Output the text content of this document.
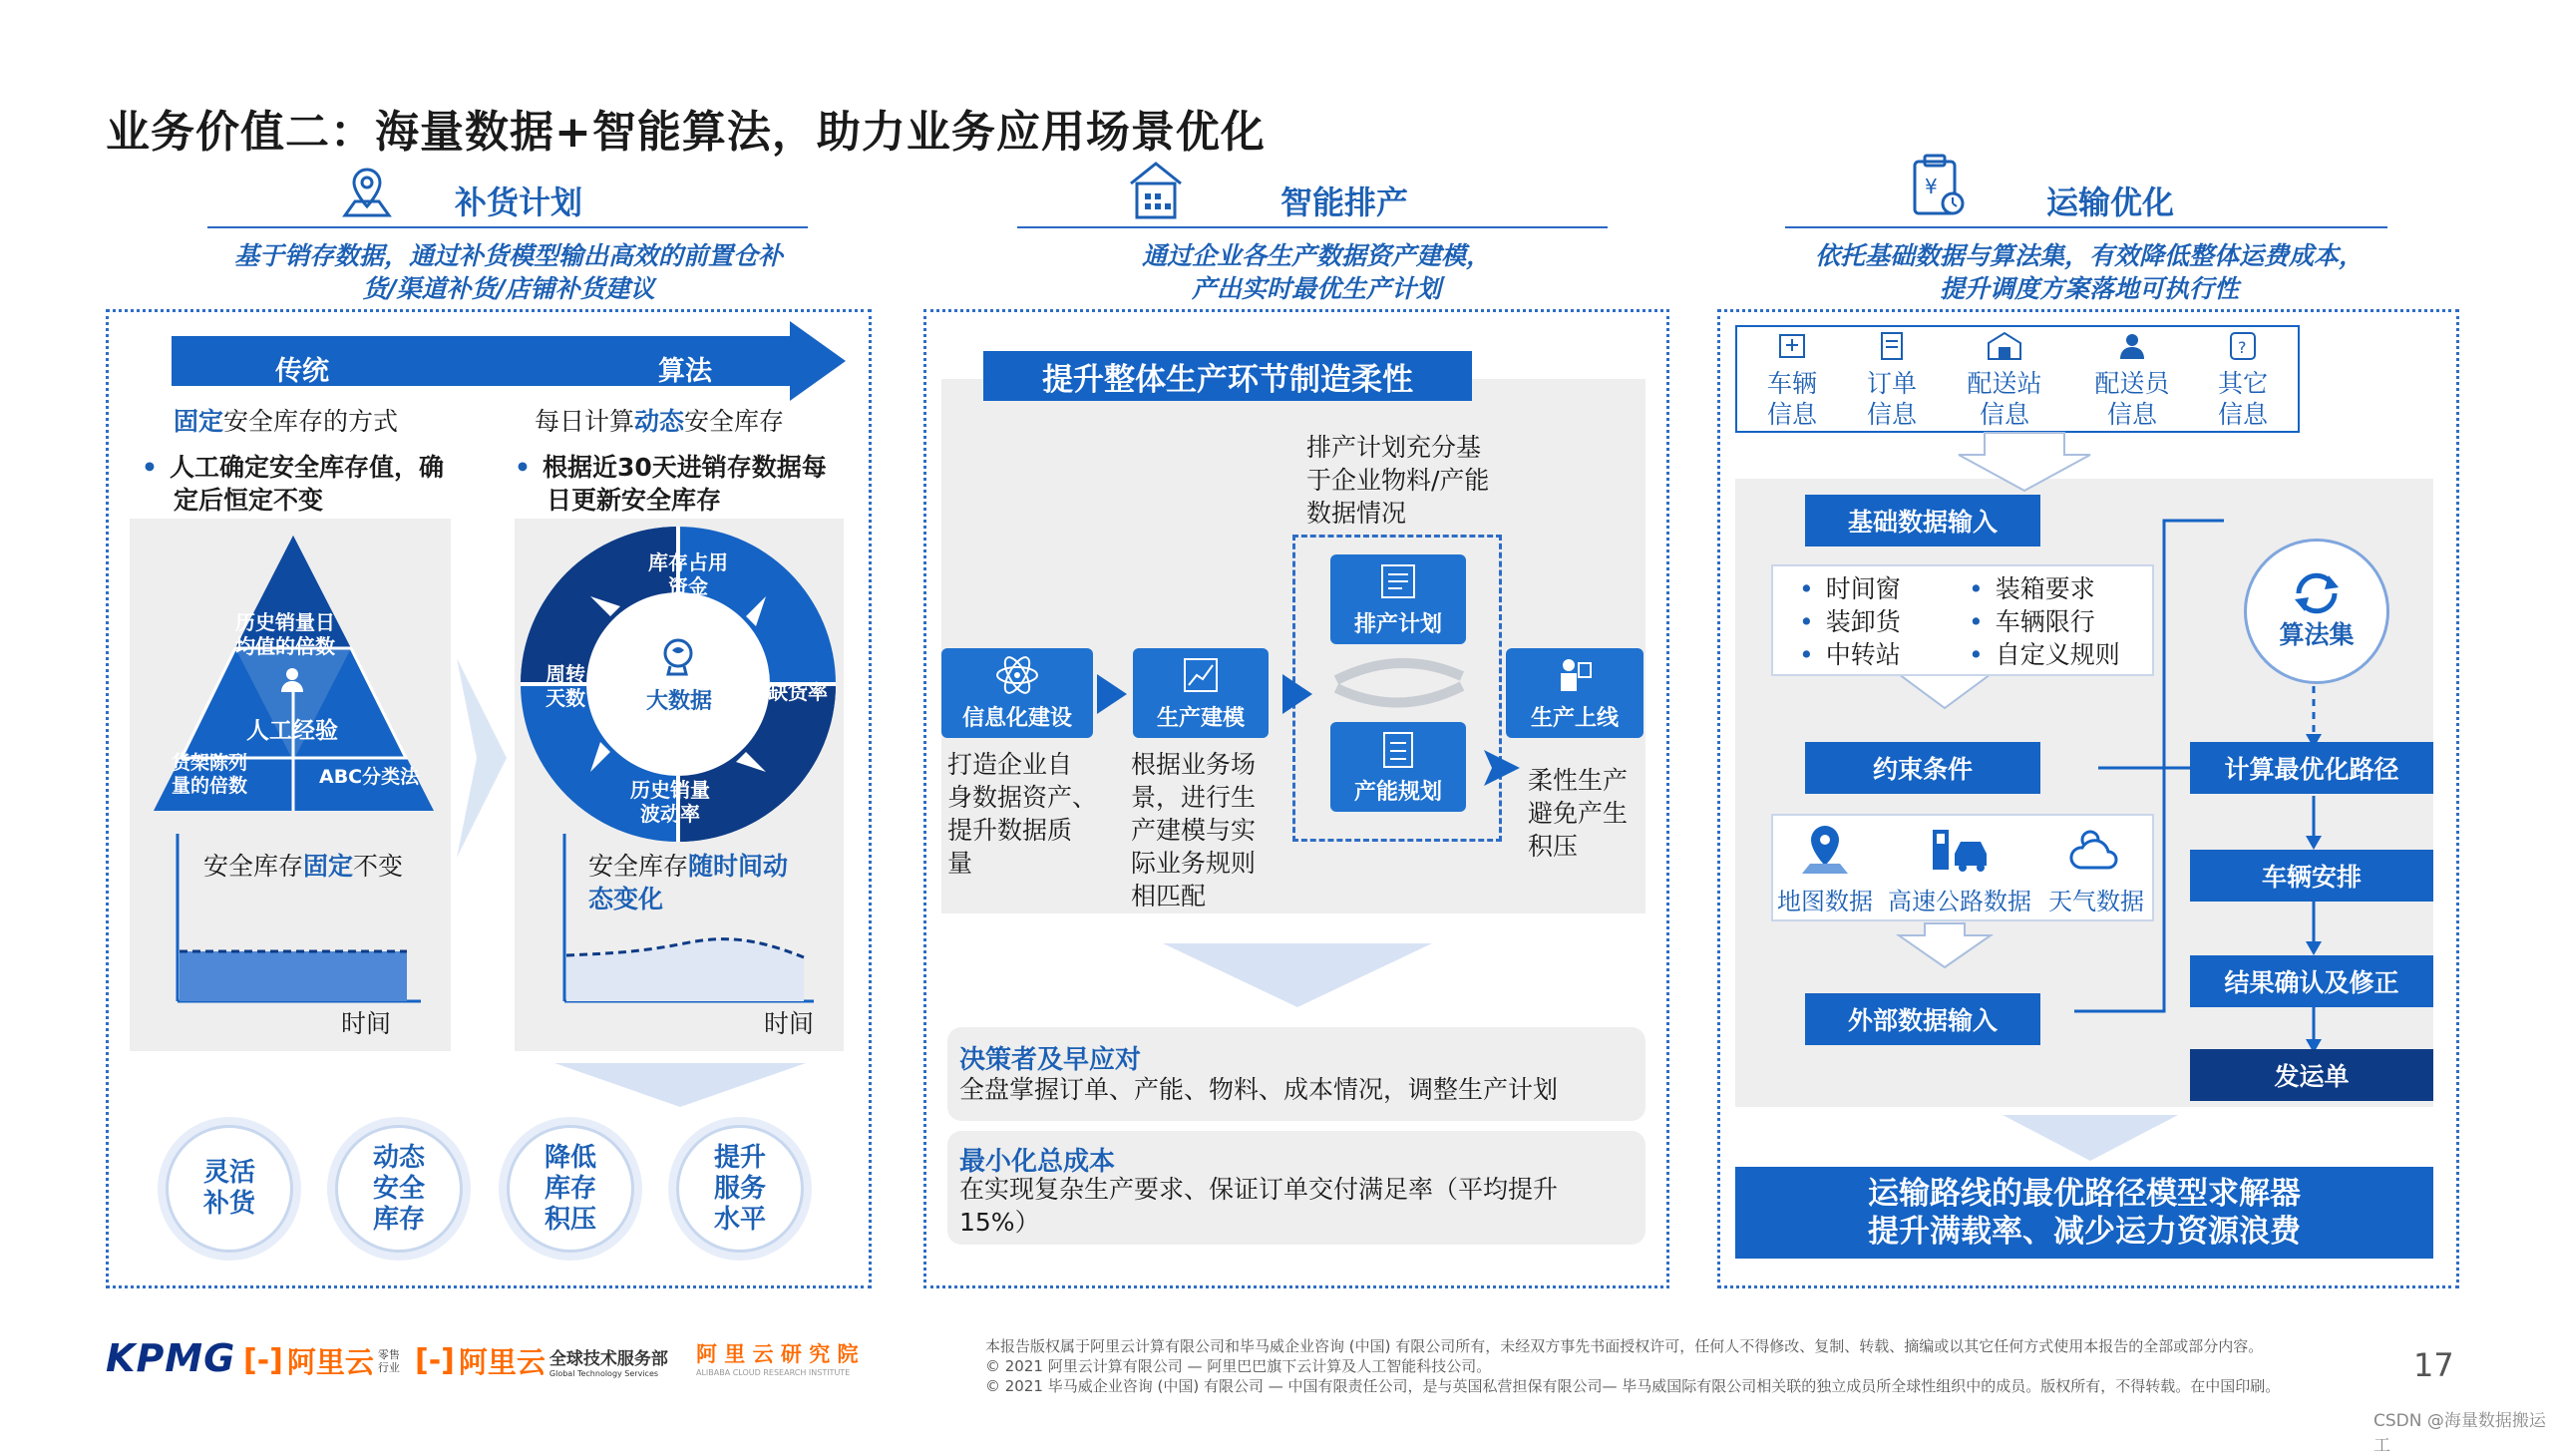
业务价值二：海量数据+智能算法，助力业务应用场景优化
补货计划
基于销存数据，通过补货模型输出高效的前置仓补
货/渠道补货/店铺补货建议
传统	算法
固定安全库存的方式	每日计算动态安全库存
• 人工确定安全库存值，确
定后恒定不变
• 根据近30天进销存数据每
日更新安全库存
历史销量日
均值的倍数
人工经验
货架陈列
量的倍数	ABC分类法
安全库存固定不变
时间
库存占用
资金
周转
天数	缺货率
历史销量
波动率
大数据
安全库存随时间动
态变化
时间
灵活
补货
动态
安全
库存
降低
库存
积压
提升
服务
水平
智能排产
通过企业各生产数据资产建模，
产出实时最优生产计划
提升整体生产环节制造柔性
排产计划充分基
于企业物料/产能
数据情况
信息化建设	生产建模
排产计划
产能规划
生产上线
打造企业自
身数据资产、
提升数据质
量
根据业务场
景，进行生
产建模与实
际业务规则
相匹配
柔性生产
避免产生
积压
决策者及早应对
全盘掌握订单、产能、物料、成本情况，调整生产计划
最小化总成本
在实现复杂生产要求、保证订单交付满足率（平均提升
15%）
¥	运输优化
依托基础数据与算法集，有效降低整体运费成本，
提升调度方案落地可执行性
车辆
信息
订单
信息
配送站
信息
配送员
信息
?
其它
信息
基础数据输入
• 时间窗
• 装卸货
• 中转站
• 装箱要求
• 车辆限行
• 自定义规则
约束条件
地图数据 高速公路数据 天气数据
外部数据输入
算法集
计算最优化路径
车辆安排
结果确认及修正
发运单
运输路线的最优路径模型求解器
提升满载率、减少运力资源浪费
KPMG [-] 阿里云 零售
行业 [-] 阿里云 全球技术服务部
Global Technology Services
阿 里 云 研 究 院
ALIBABA CLOUD RESEARCH INSTITUTE
本报告版权属于阿里云计算有限公司和毕马威企业咨询 (中国) 有限公司所有，未经双方事先书面授权许可，任何人不得修改、复制、转载、摘编或以其它任何方式使用本报告的全部或部分内容。
© 2021 阿里云计算有限公司 — 阿里巴巴旗下云计算及人工智能科技公司。
© 2021 毕马威企业咨询 (中国) 有限公司 — 中国有限责任公司，是与英国私营担保有限公司— 毕马威国际有限公司相关联的独立成员所全球性组织中的成员。版权所有，不得转载。在中国印刷。
17
CSDN @海量数据搬运工
